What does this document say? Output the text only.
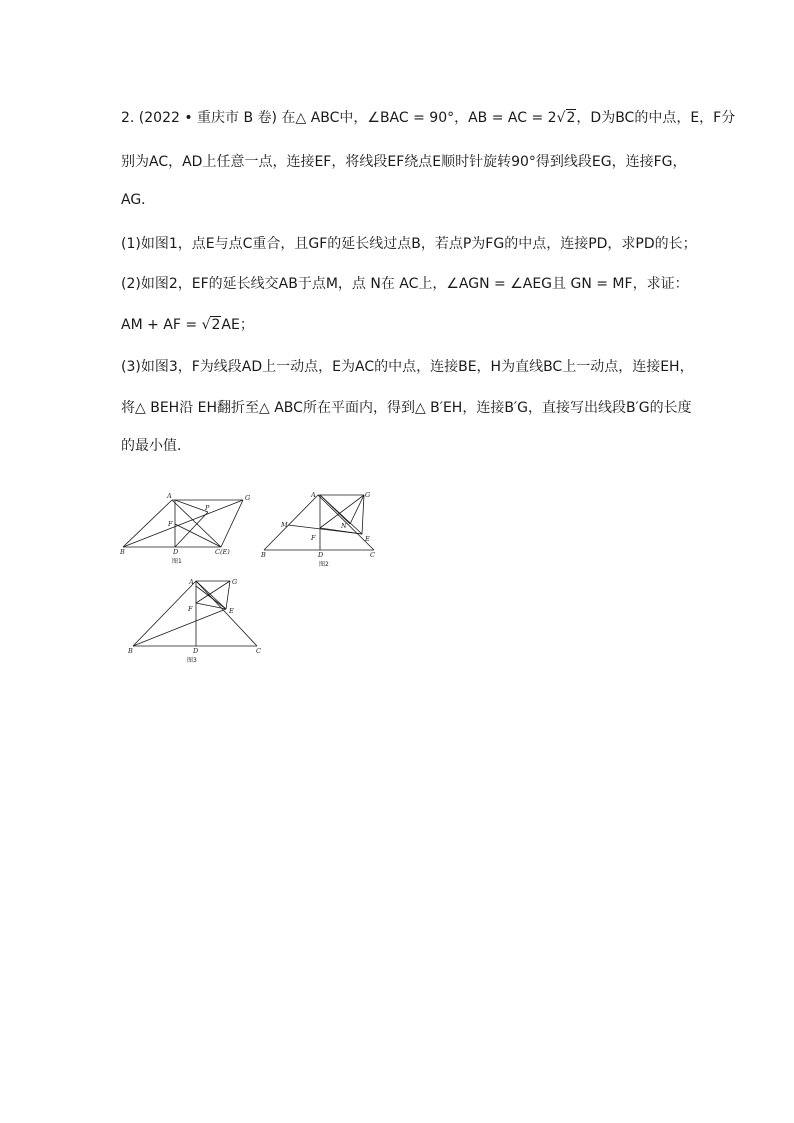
2. (2022 • 重庆市 B 卷) 在△ ABC中，∠BAC = 90°，AB = AC = 2√2，D为BC的中点，E，F分
别为AC，AD上任意一点，连接EF，将线段EF绕点E顺时针旋转90°得到线段EG，连接FG，
AG．
(1)如图1，点E与点C重合，且GF的延长线过点B，若点P为FG的中点，连接PD，求PD的长；
(2)如图2，EF的延长线交AB于点M，点 N在 AC上，∠AGN = ∠AEG且 GN = MF，求证：
AM + AF = √2AE；
(3)如图3，F为线段AD上一动点，E为AC的中点，连接BE，H为直线BC上一动点，连接EH，
将△ BEH沿 EH翻折至△ ABC所在平面内，得到△ B′EH，连接B′G，直接写出线段B′G的长度
的最小值．
A	G
P
F
B	D	C(E)
图1
A	G
M	N
F	E
B	D	C
图2
A	G
F	E
B	D	C
图3
